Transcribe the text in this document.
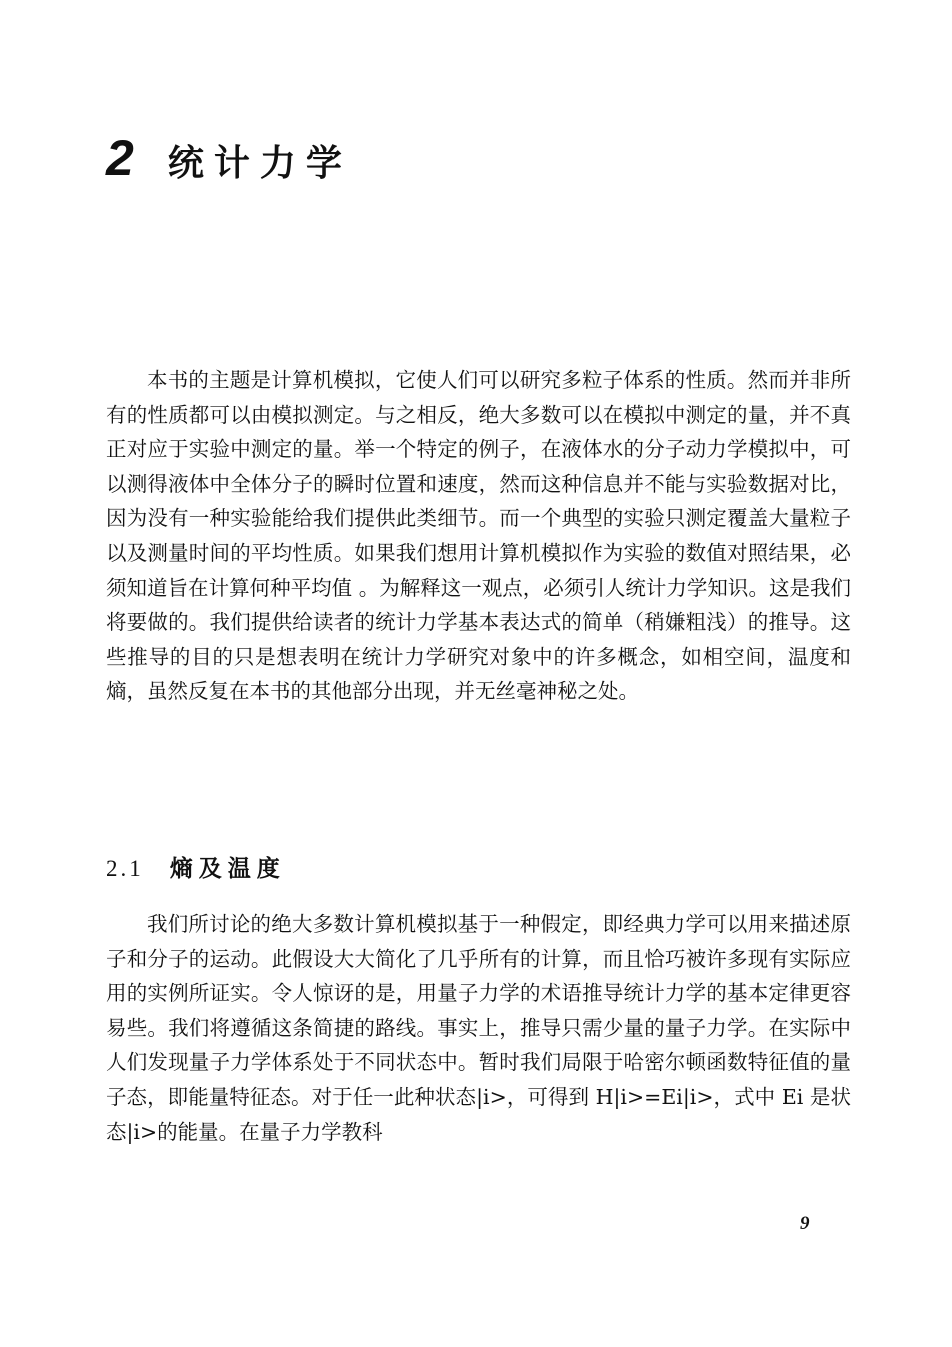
2 统计力学

本书的主题是计算机模拟，它使人们可以研究多粒子体系的性质。然而并非所有的性质都可以由模拟测定。与之相反，绝大多数可以在模拟中测定的量，并不真正对应于实验中测定的量。举一个特定的例子，在液体水的分子动力学模拟中，可以测得液体中全体分子的瞬时位置和速度，然而这种信息并不能与实验数据对比，因为没有一种实验能给我们提供此类细节。而一个典型的实验只测定覆盖大量粒子以及测量时间的平均性质。如果我们想用计算机模拟作为实验的数值对照结果，必须知道旨在计算何种平均值 。为解释这一观点，必须引人统计力学知识。这是我们将要做的。我们提供给读者的统计力学基本表达式的简单（稍嫌粗浅）的推导。这些推导的目的只是想表明在统计力学研究对象中的许多概念，如相空间，温度和熵，虽然反复在本书的其他部分出现，并无丝毫神秘之处。

2.1 熵及温度

我们所讨论的绝大多数计算机模拟基于一种假定，即经典力学可以用来描述原子和分子的运动。此假设大大简化了几乎所有的计算，而且恰巧被许多现有实际应用的实例所证实。令人惊讶的是，用量子力学的术语推导统计力学的基本定律更容易些。我们将遵循这条简捷的路线。事实上，推导只需少量的量子力学。在实际中人们发现量子力学体系处于不同状态中。暂时我们局限于哈密尔顿函数特征值的量子态，即能量特征态。对于任一此种状态|i>，可得到 H|i>=Ei|i>，式中 Ei 是状态|i>的能量。在量子力学教科

9
